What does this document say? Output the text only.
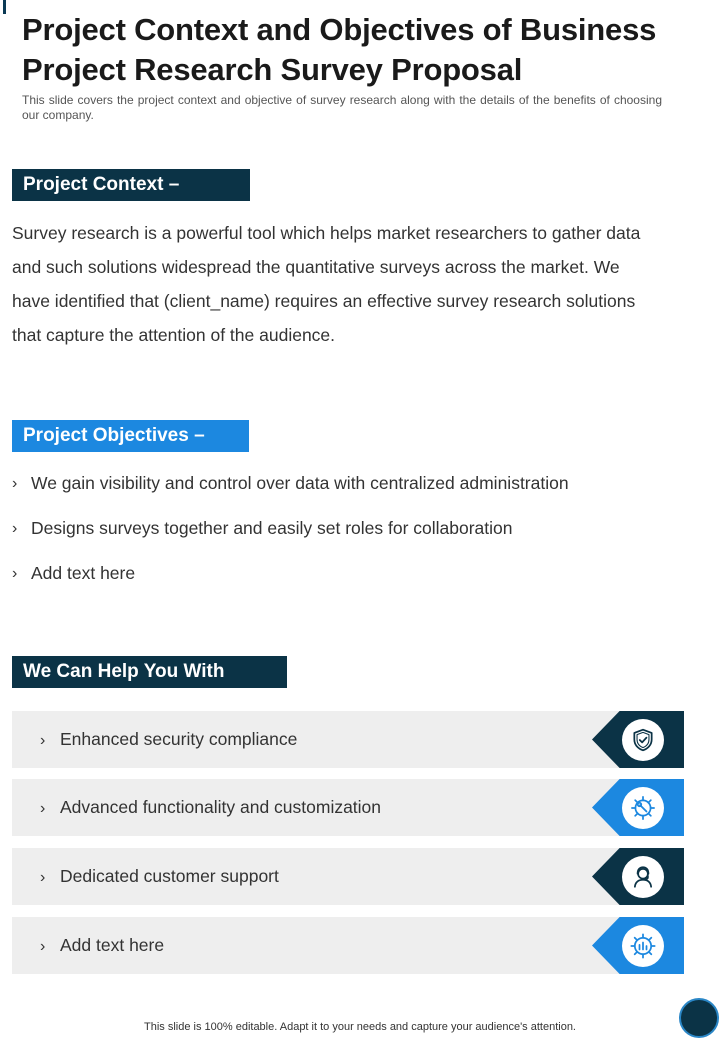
Project Context and Objectives of Business Project Research Survey Proposal

This slide covers the project context and objective of survey research along with the details of the benefits of choosing our company.

Project Context –

Survey research is a powerful tool which helps market researchers to gather data and such solutions widespread the quantitative surveys across the market. We have identified that (client_name) requires an effective survey research solutions that capture the attention of the audience.

Project Objectives –
› We gain visibility and control over data with centralized administration
› Designs surveys together and easily set roles for collaboration
› Add text here
We Can Help You With
› Enhanced security compliance
› Advanced functionality and customization
› Dedicated customer support
› Add text here

This slide is 100% editable. Adapt it to your needs and capture your audience's attention.
